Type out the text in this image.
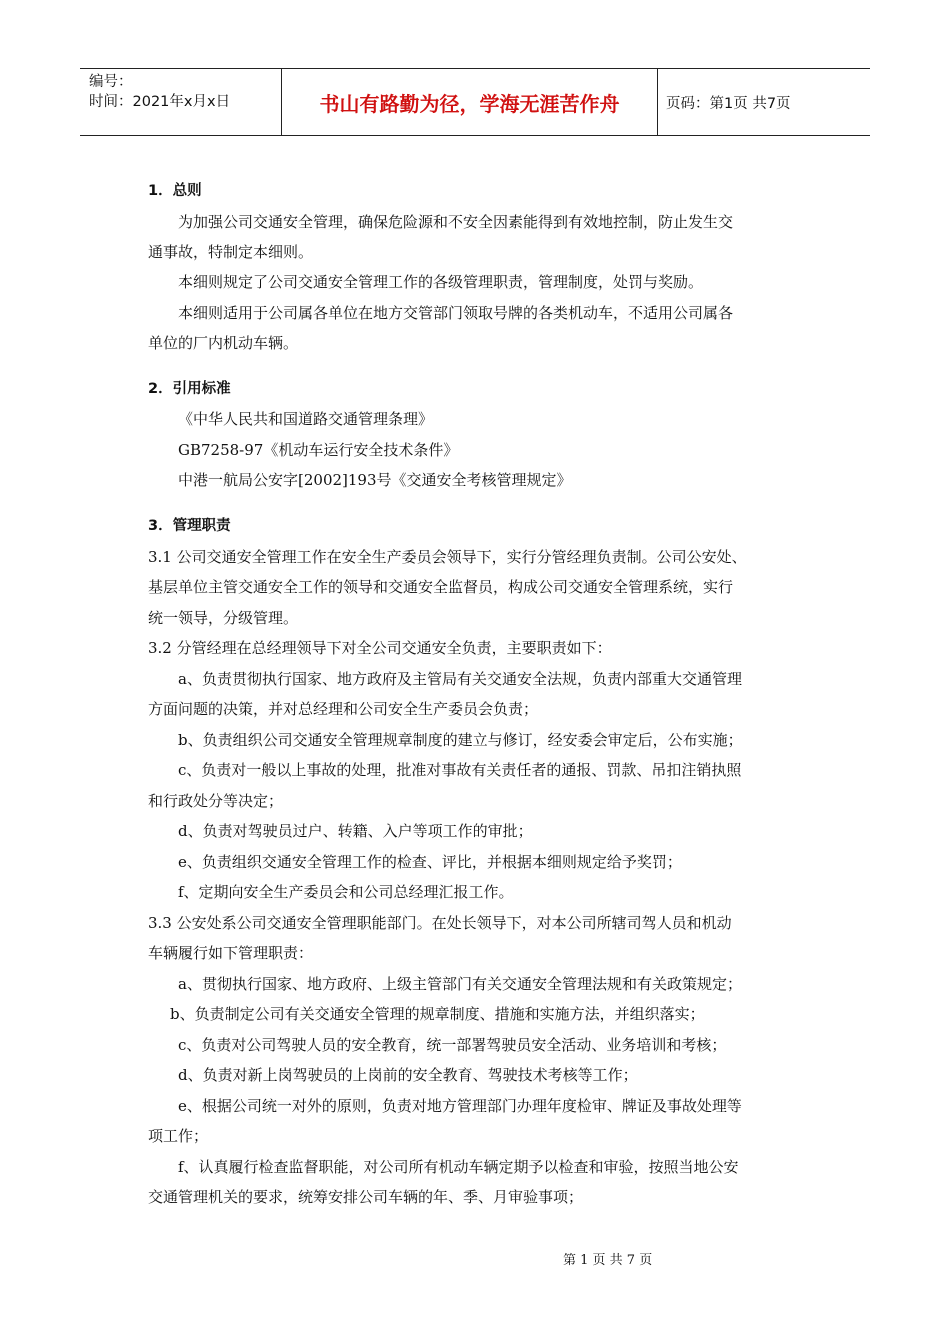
编号：
时间：2021年x月x日	书山有路勤为径，学海无涯苦作舟	页码：第1页 共7页
1．总则
为加强公司交通安全管理，确保危险源和不安全因素能得到有效地控制，防止发生交
通事故，特制定本细则。
本细则规定了公司交通安全管理工作的各级管理职责，管理制度，处罚与奖励。
本细则适用于公司属各单位在地方交管部门领取号牌的各类机动车，不适用公司属各
单位的厂内机动车辆。
2．引用标准
《中华人民共和国道路交通管理条理》
GB7258-97《机动车运行安全技术条件》
中港一航局公安字[2002]193号《交通安全考核管理规定》
3．管理职责
3.1 公司交通安全管理工作在安全生产委员会领导下，实行分管经理负责制。公司公安处、
基层单位主管交通安全工作的领导和交通安全监督员，构成公司交通安全管理系统，实行
统一领导，分级管理。
3.2 分管经理在总经理领导下对全公司交通安全负责，主要职责如下：
a、负责贯彻执行国家、地方政府及主管局有关交通安全法规，负责内部重大交通管理
方面问题的决策，并对总经理和公司安全生产委员会负责；
b、负责组织公司交通安全管理规章制度的建立与修订，经安委会审定后，公布实施；
c、负责对一般以上事故的处理，批准对事故有关责任者的通报、罚款、吊扣注销执照
和行政处分等决定；
d、负责对驾驶员过户、转籍、入户等项工作的审批；
e、负责组织交通安全管理工作的检查、评比，并根据本细则规定给予奖罚；
f、定期向安全生产委员会和公司总经理汇报工作。
3.3 公安处系公司交通安全管理职能部门。在处长领导下，对本公司所辖司驾人员和机动
车辆履行如下管理职责：
a、贯彻执行国家、地方政府、上级主管部门有关交通安全管理法规和有关政策规定；
b、负责制定公司有关交通安全管理的规章制度、措施和实施方法，并组织落实；
c、负责对公司驾驶人员的安全教育，统一部署驾驶员安全活动、业务培训和考核；
d、负责对新上岗驾驶员的上岗前的安全教育、驾驶技术考核等工作；
e、根据公司统一对外的原则，负责对地方管理部门办理年度检审、牌证及事故处理等
项工作；
f、认真履行检查监督职能，对公司所有机动车辆定期予以检查和审验，按照当地公安
交通管理机关的要求，统筹安排公司车辆的年、季、月审验事项；
第 1 页 共 7 页
